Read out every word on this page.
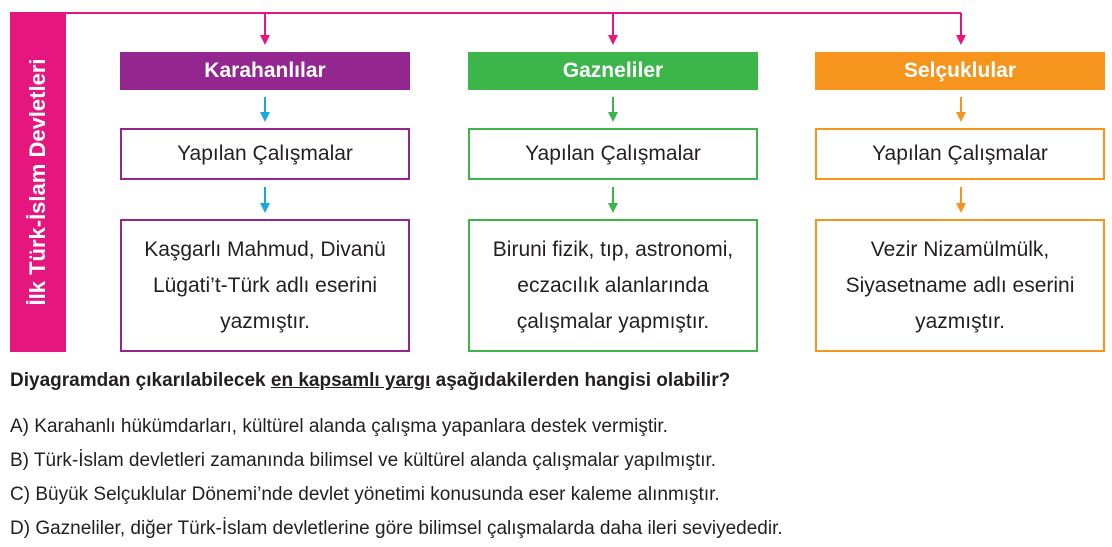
İlk Türk-İslam Devletleri	Karahanlılar
Yapılan Çalışmalar
Kaşgarlı Mahmud, Divanü Lügati’t-Türk adlı eserini yazmıştır.
Gazneliler
Yapılan Çalışmalar
Biruni fizik, tıp, astronomi, eczacılık alanlarında çalışmalar yapmıştır.
Selçuklular
Yapılan Çalışmalar
Vezir Nizamülmülk, Siyasetname adlı eserini yazmıştır.
Diyagramdan çıkarılabilecek en kapsamlı yargı aşağıdakilerden hangisi olabilir?
A) Karahanlı hükümdarları, kültürel alanda çalışma yapanlara destek vermiştir.
B) Türk-İslam devletleri zamanında bilimsel ve kültürel alanda çalışmalar yapılmıştır.
C) Büyük Selçuklular Dönemi’nde devlet yönetimi konusunda eser kaleme alınmıştır.
D) Gazneliler, diğer Türk-İslam devletlerine göre bilimsel çalışmalarda daha ileri seviyededir.
